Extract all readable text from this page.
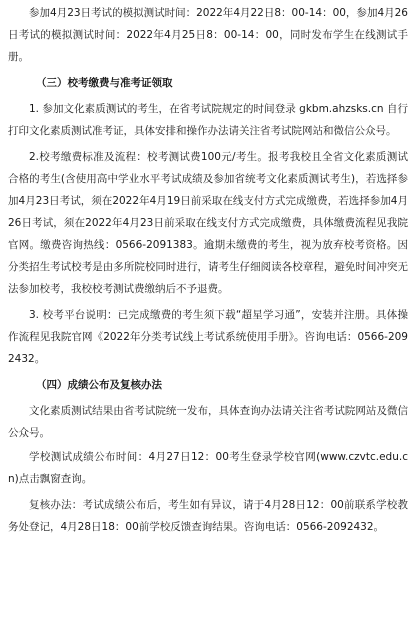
参加4月23日考试的模拟测试时间：2022年4月22日8：00-14：00，参加4月26日考试的模拟测试时间：2022年4月25日8：00-14：00，同时发布学生在线测试手册。

（三）校考缴费与准考证领取

1. 参加文化素质测试的考生，在省考试院规定的时间登录 gkbm.ahzsks.cn 自行打印文化素质测试准考证，具体安排和操作办法请关注省考试院网站和微信公众号。

2.校考缴费标准及流程：校考测试费100元/考生。报考我校且全省文化素质测试合格的考生(含使用高中学业水平考试成绩及参加省统考文化素质测试考生)，若选择参加4月23日考试，须在2022年4月19日前采取在线支付方式完成缴费，若选择参加4月26日考试，须在2022年4月23日前采取在线支付方式完成缴费，具体缴费流程见我院官网。缴费咨询热线：0566-2091383。逾期未缴费的考生，视为放弃校考资格。因分类招生考试校考是由多所院校同时进行，请考生仔细阅读各校章程，避免时间冲突无法参加校考，我校校考测试费缴纳后不予退费。

3. 校考平台说明：已完成缴费的考生须下载“超星学习通”，安装并注册。具体操作流程见我院官网《2022年分类考试线上考试系统使用手册》。咨询电话：0566-2092432。

（四）成绩公布及复核办法

文化素质测试结果由省考试院统一发布，具体查询办法请关注省考试院网站及微信公众号。

学校测试成绩公布时间：4月27日12：00考生登录学校官网(www.czvtc.edu.cn)点击飘窗查询。

复核办法：考试成绩公布后，考生如有异议，请于4月28日12：00前联系学校教务处登记，4月28日18：00前学校反馈查询结果。咨询电话：0566-2092432。
